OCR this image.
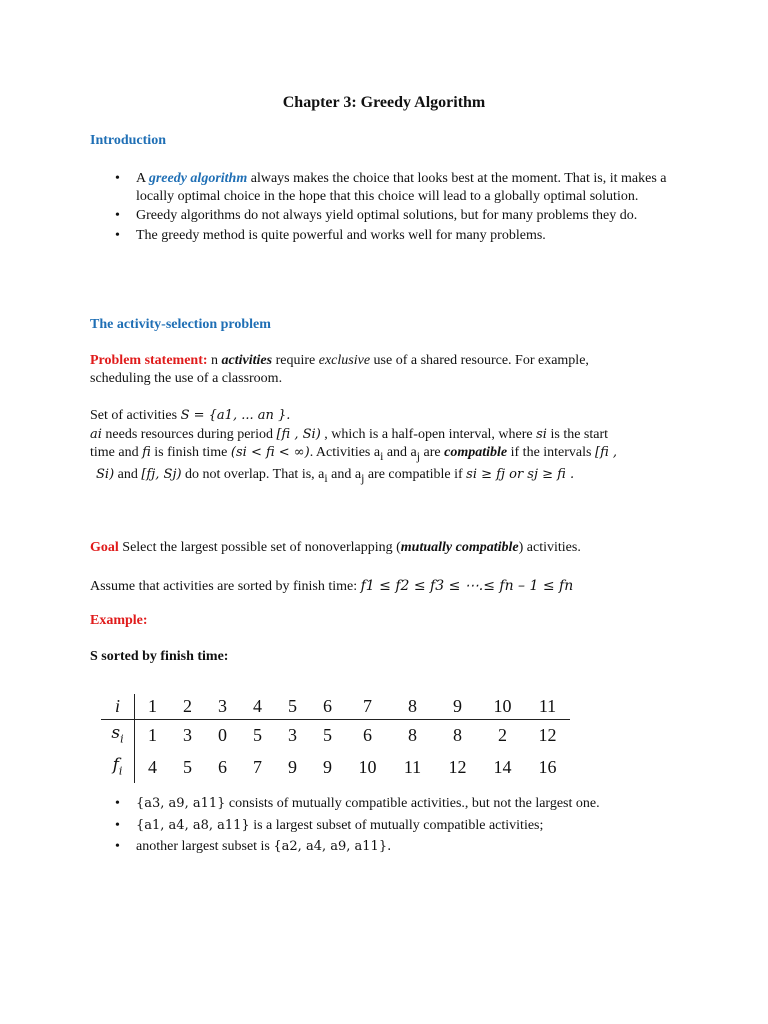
Chapter 3: Greedy Algorithm
Introduction
• A greedy algorithm always makes the choice that looks best at the moment. That is, it makes a locally optimal choice in the hope that this choice will lead to a globally optimal solution.
• Greedy algorithms do not always yield optimal solutions, but for many problems they do.
• The greedy method is quite powerful and works well for many problems.
The activity-selection problem
Problem statement: n activities require exclusive use of a shared resource. For example,
scheduling the use of a classroom.
Set of activities S = {a1, ... an }.
ai needs resources during period [fi , Si) , which is a half-open interval, where si is the start
time and fi is finish time (si < fi < ∞). Activities $a_i$ and $a_j$ are compatible if the intervals [fi ,
Si) and [fj, Sj) do not overlap. That is, $a_i$ and $a_j$ are compatible if si ≥ fj or sj ≥ fi .
Goal Select the largest possible set of nonoverlapping (mutually compatible) activities.
Assume that activities are sorted by finish time: f1 ≤ f2 ≤ f3 ≤ ⋯.≤ fn – 1 ≤ fn
Example:
S sorted by finish time:
i	1	2	3	4	5	6	7	8	9	10	11
$s_i$	1	3	0	5	3	5	6	8	8	2	12
$f_i$	4	5	6	7	9	9	10	11	12	14	16
• {a3, a9, a11} consists of mutually compatible activities., but not the largest one.
• {a1, a4, a8, a11} is a largest subset of mutually compatible activities;
• another largest subset is {a2, a4, a9, a11}.
